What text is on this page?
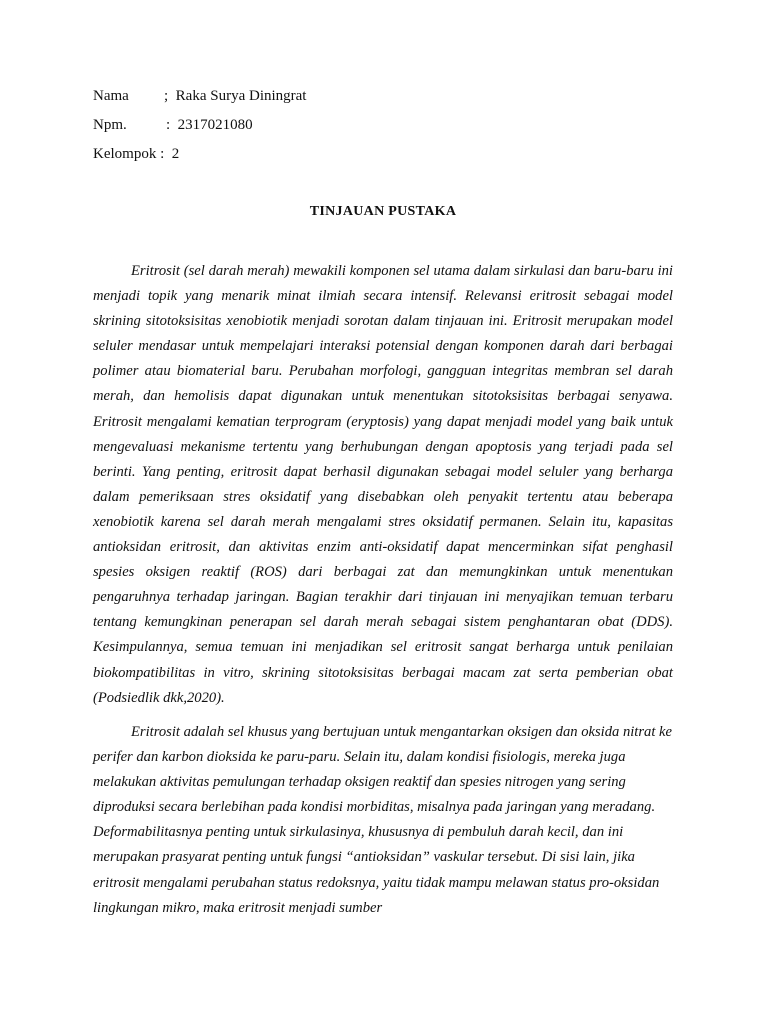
Nama ; Raka Surya Diningrat
Npm.	: 2317021080
Kelompok : 2
TINJAUAN PUSTAKA

Eritrosit (sel darah merah) mewakili komponen sel utama dalam sirkulasi dan baru-baru ini menjadi topik yang menarik minat ilmiah secara intensif. Relevansi eritrosit sebagai model skrining sitotoksisitas xenobiotik menjadi sorotan dalam tinjauan ini. Eritrosit merupakan model seluler mendasar untuk mempelajari interaksi potensial dengan komponen darah dari berbagai polimer atau biomaterial baru. Perubahan morfologi, gangguan integritas membran sel darah merah, dan hemolisis dapat digunakan untuk menentukan sitotoksisitas berbagai senyawa. Eritrosit mengalami kematian terprogram (eryptosis) yang dapat menjadi model yang baik untuk mengevaluasi mekanisme tertentu yang berhubungan dengan apoptosis yang terjadi pada sel berinti. Yang penting, eritrosit dapat berhasil digunakan sebagai model seluler yang berharga dalam pemeriksaan stres oksidatif yang disebabkan oleh penyakit tertentu atau beberapa xenobiotik karena sel darah merah mengalami stres oksidatif permanen. Selain itu, kapasitas antioksidan eritrosit, dan aktivitas enzim anti-oksidatif dapat mencerminkan sifat penghasil spesies oksigen reaktif (ROS) dari berbagai zat dan memungkinkan untuk menentukan pengaruhnya terhadap jaringan. Bagian terakhir dari tinjauan ini menyajikan temuan terbaru tentang kemungkinan penerapan sel darah merah sebagai sistem penghantaran obat (DDS). Kesimpulannya, semua temuan ini menjadikan sel eritrosit sangat berharga untuk penilaian biokompatibilitas in vitro, skrining sitotoksisitas berbagai macam zat serta pemberian obat (Podsiedlik dkk,2020).

Eritrosit adalah sel khusus yang bertujuan untuk mengantarkan oksigen dan oksida nitrat ke perifer dan karbon dioksida ke paru-paru. Selain itu, dalam kondisi fisiologis, mereka juga melakukan aktivitas pemulungan terhadap oksigen reaktif dan spesies nitrogen yang sering diproduksi secara berlebihan pada kondisi morbiditas, misalnya pada jaringan yang meradang. Deformabilitasnya penting untuk sirkulasinya, khususnya di pembuluh darah kecil, dan ini merupakan prasyarat penting untuk fungsi “antioksidan” vaskular tersebut. Di sisi lain, jika eritrosit mengalami perubahan status redoksnya, yaitu tidak mampu melawan status pro-oksidan lingkungan mikro, maka eritrosit menjadi sumber
